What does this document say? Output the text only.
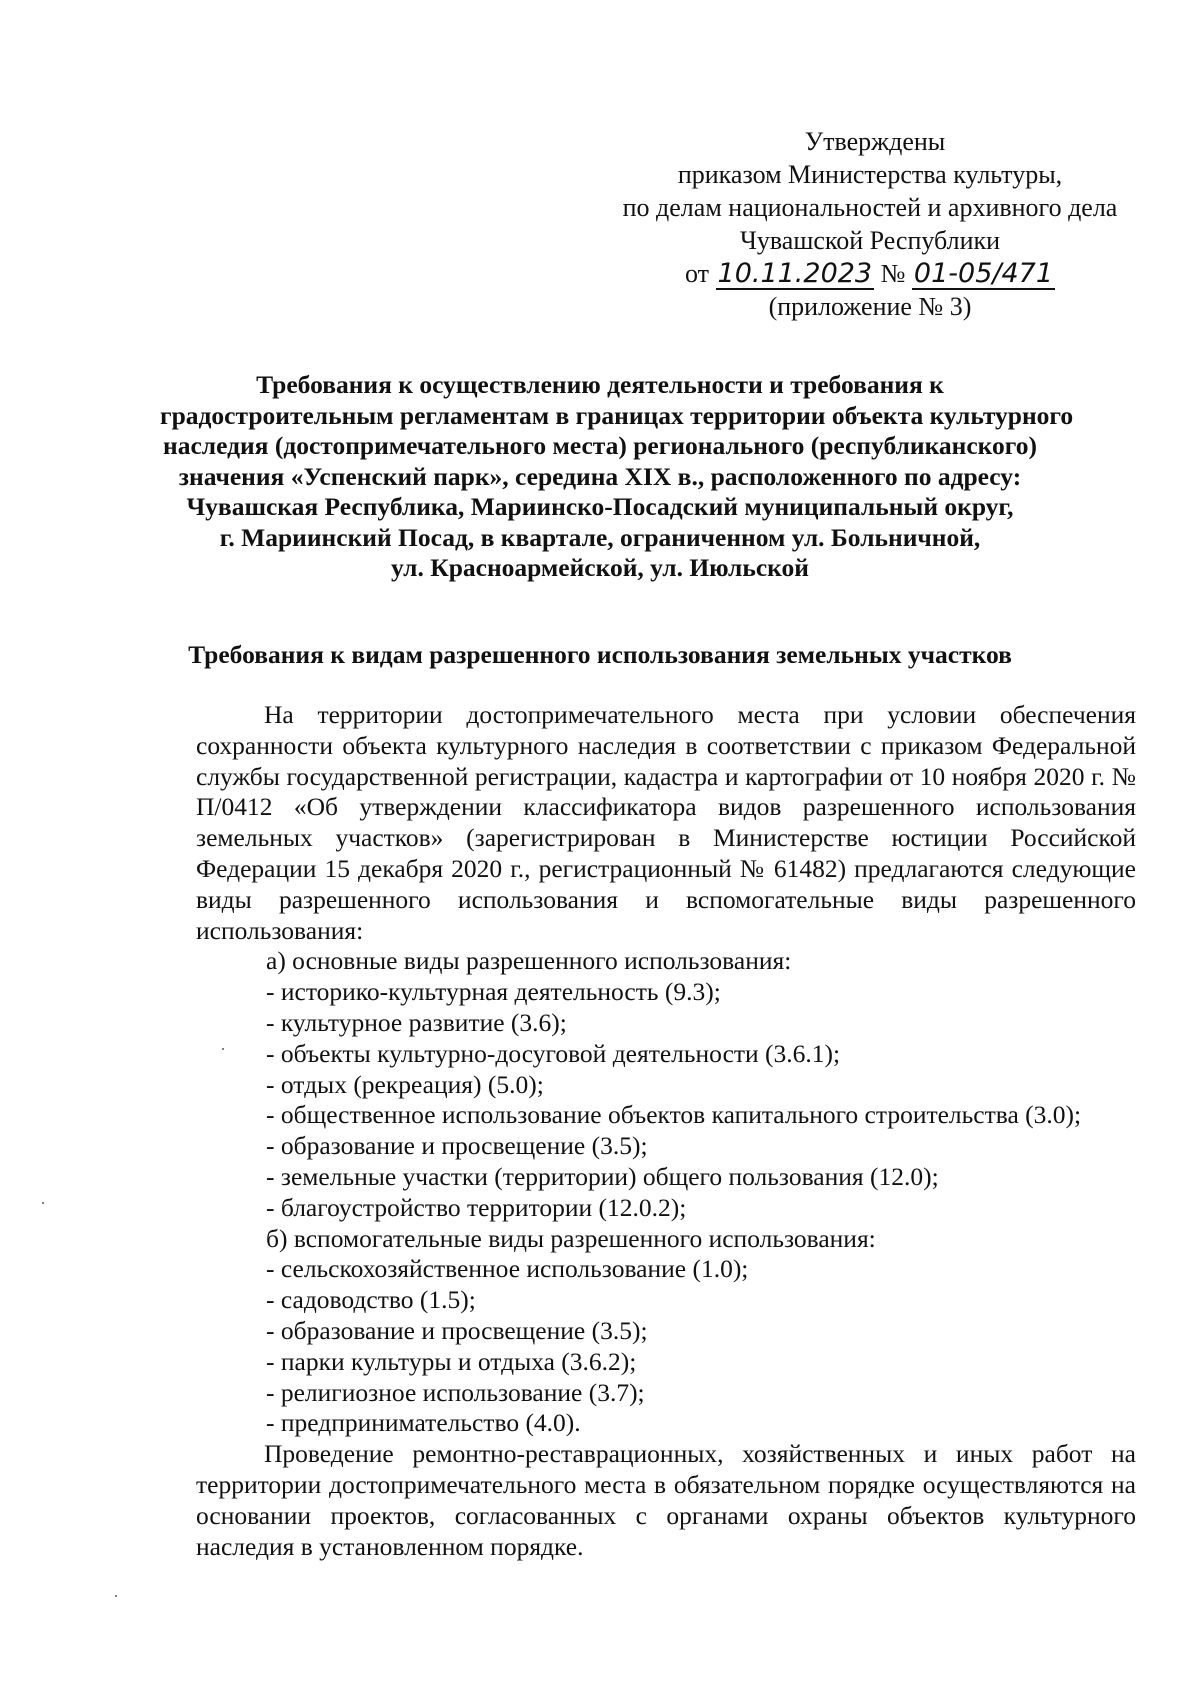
Утверждены
приказом Министерства культуры,
по делам национальностей и архивного дела
Чувашской Республики
от 10.11.2023 № 01-05/471
(приложение № 3)
Требования к осуществлению деятельности и требования к
градостроительным регламентам в границах территории объекта культурного
наследия (достопримечательного места) регионального (республиканского)
значения «Успенский парк», середина XIX в., расположенного по адресу:
Чувашская Республика, Мариинско-Посадский муниципальный округ,
г. Мариинский Посад, в квартале, ограниченном ул. Больничной,
ул. Красноармейской, ул. Июльской
Требования к видам разрешенного использования земельных участков

На территории достопримечательного места при условии обеспечения сохранности объекта культурного наследия в соответствии с приказом Федеральной службы государственной регистрации, кадастра и картографии от 10 ноября 2020 г. № П/0412 «Об утверждении классификатора видов разрешенного использования земельных участков» (зарегистрирован в Министерстве юстиции Российской Федерации 15 декабря 2020 г., регистрационный № 61482) предлагаются следующие виды разрешенного использования и вспомогательные виды разрешенного использования:

а) основные виды разрешенного использования:
- историко-культурная деятельность (9.3);
- культурное развитие (3.6);
- объекты культурно-досуговой деятельности (3.6.1);
- отдых (рекреация) (5.0);
- общественное использование объектов капитального строительства (3.0);
- образование и просвещение (3.5);
- земельные участки (территории) общего пользования (12.0);
- благоустройство территории (12.0.2);
б) вспомогательные виды разрешенного использования:
- сельскохозяйственное использование (1.0);
- садоводство (1.5);
- образование и просвещение (3.5);
- парки культуры и отдыха (3.6.2);
- религиозное использование (3.7);
- предпринимательство (4.0).

Проведение ремонтно-реставрационных, хозяйственных и иных работ на территории достопримечательного места в обязательном порядке осуществляются на основании проектов, согласованных с органами охраны объектов культурного наследия в установленном порядке.
